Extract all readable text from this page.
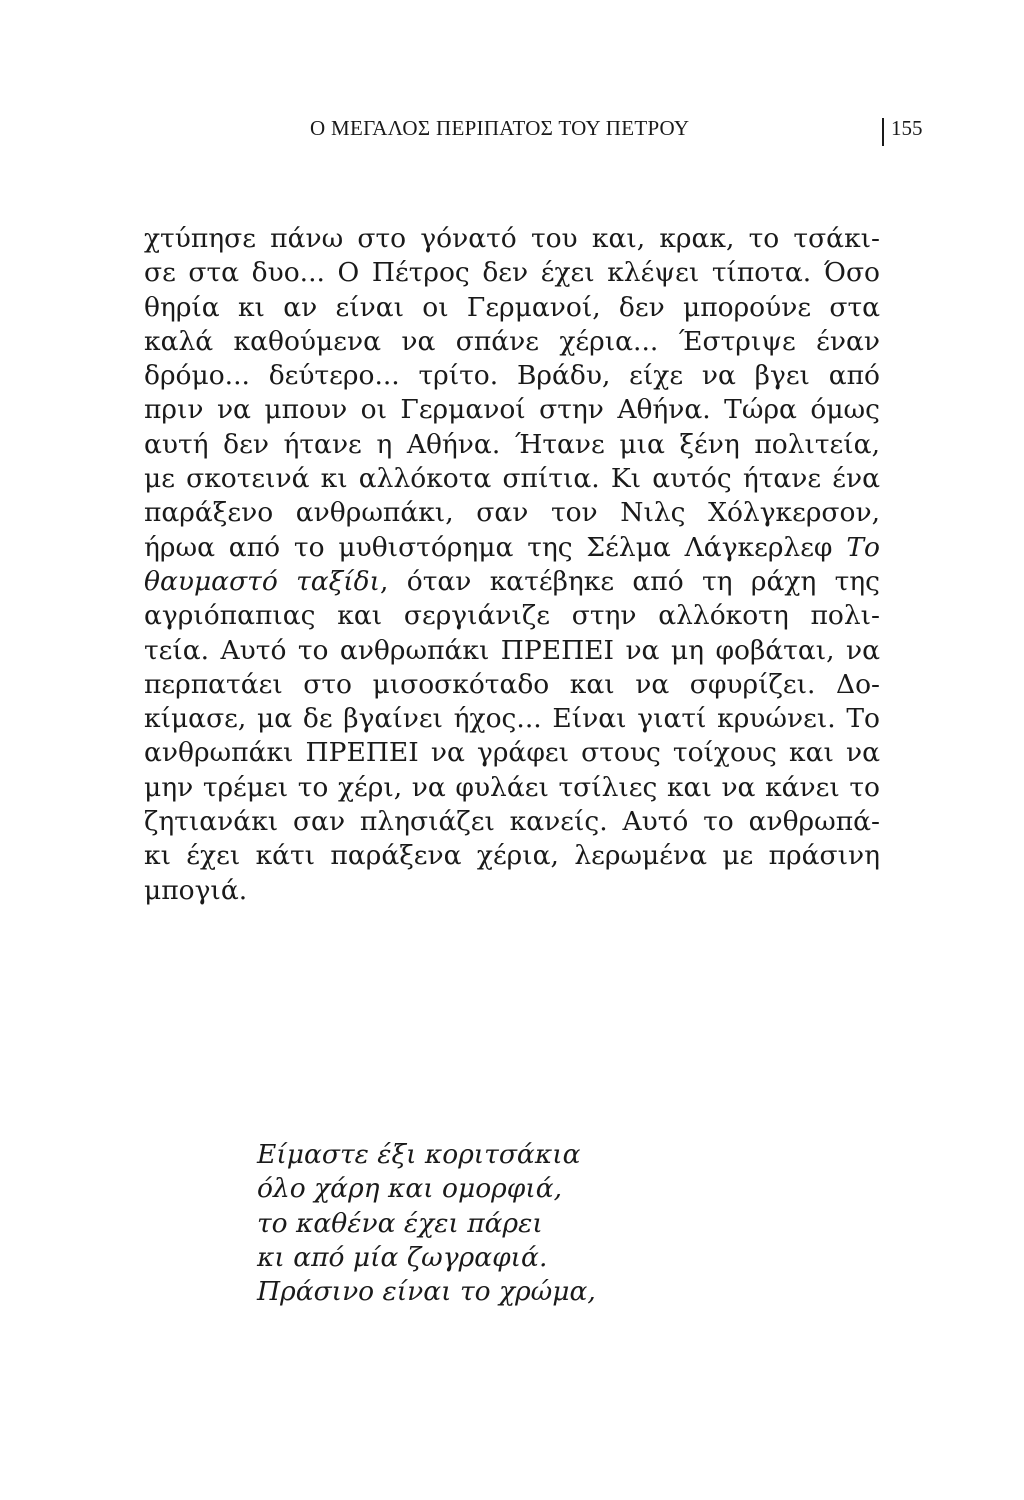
Ο ΜΕΓΑΛΟΣ ΠΕΡΙΠΑΤΟΣ ΤΟΥ ΠΕΤΡΟΥ	155
χτύπησε πάνω στο γόνατό του και, κρακ, το τσάκι-
σε στα δυο... Ο Πέτρος δεν έχει κλέψει τίποτα. Όσο
θηρία κι αν είναι οι Γερμανοί, δεν μπορούνε στα
καλά καθούμενα να σπάνε χέρια... Έστριψε έναν
δρόμο... δεύτερο... τρίτο. Βράδυ, είχε να βγει από
πριν να μπουν οι Γερμανοί στην Αθήνα. Τώρα όμως
αυτή δεν ήτανε η Αθήνα. Ήτανε μια ξένη πολιτεία,
με σκοτεινά κι αλλόκοτα σπίτια. Κι αυτός ήτανε ένα
παράξενο ανθρωπάκι, σαν τον Νιλς Χόλγκερσον,
ήρωα από το μυθιστόρημα της Σέλμα Λάγκερλεφ Το
θαυμαστό ταξίδι, όταν κατέβηκε από τη ράχη της
αγριόπαπιας και σεργιάνιζε στην αλλόκοτη πολι-
τεία. Αυτό το ανθρωπάκι ΠΡΕΠΕΙ να μη φοβάται, να
περπατάει στο μισοσκόταδο και να σφυρίζει. Δο-
κίμασε, μα δε βγαίνει ήχος... Είναι γιατί κρυώνει. Το
ανθρωπάκι ΠΡΕΠΕΙ να γράφει στους τοίχους και να
μην τρέμει το χέρι, να φυλάει τσίλιες και να κάνει το
ζητιανάκι σαν πλησιάζει κανείς. Αυτό το ανθρωπά-
κι έχει κάτι παράξενα χέρια, λερωμένα με πράσινη
μπογιά.
Είμαστε έξι κοριτσάκια
όλο χάρη και ομορφιά,
το καθένα έχει πάρει
κι από μία ζωγραφιά.
Πράσινο είναι το χρώμα,
